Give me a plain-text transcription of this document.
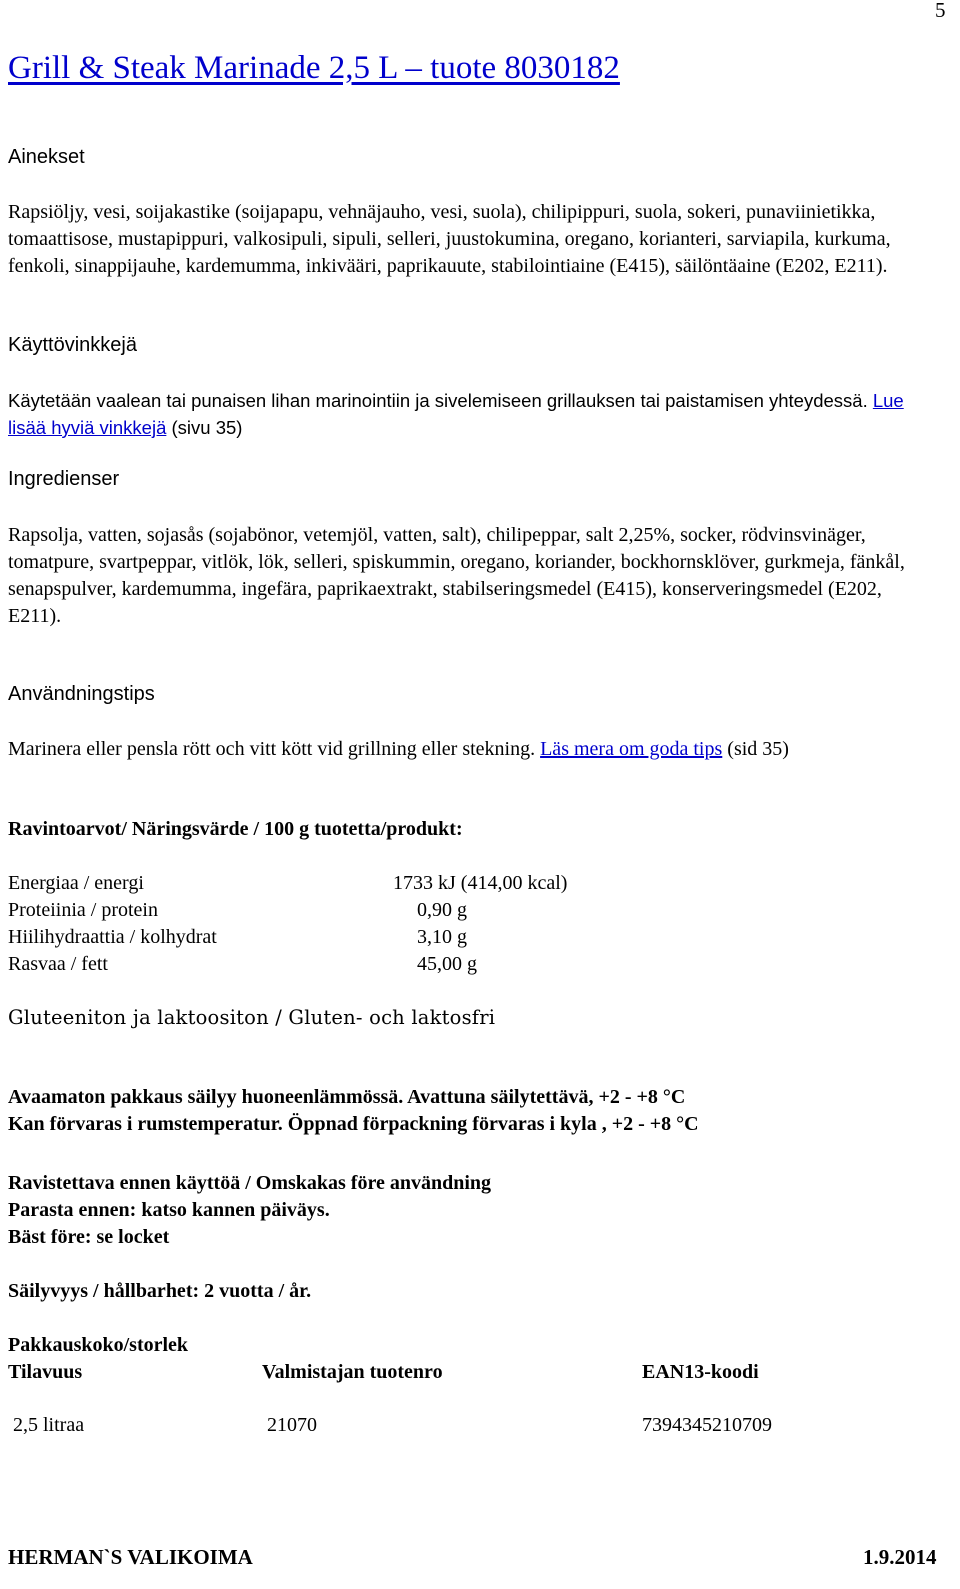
5
Grill & Steak Marinade 2,5 L – tuote 8030182
Ainekset
Rapsiöljy, vesi, soijakastike (soijapapu, vehnäjauho, vesi, suola), chilipippuri, suola, sokeri, punaviinietikka, tomaattisose, mustapippuri, valkosipuli, sipuli, selleri, juustokumina, oregano, korianteri, sarviapila, kurkuma, fenkoli, sinappijauhe, kardemumma, inkivääri, paprikauute, stabilointiaine (E415), säilöntäaine (E202, E211).
Käyttövinkkejä
Käytetään vaalean tai punaisen lihan marinointiin ja sivelemiseen grillauksen tai paistamisen yhteydessä. Lue lisää hyviä vinkkejä (sivu 35)
Ingredienser
Rapsolja, vatten, sojasås (sojabönor, vetemjöl, vatten, salt), chilipeppar, salt 2,25%, socker, rödvinsvinäger, tomatpure, svartpeppar, vitlök, lök, selleri, spiskummin, oregano, koriander, bockhornsklöver, gurkmeja, fänkål, senapspulver, kardemumma, ingefära, paprikaextrakt, stabilseringsmedel (E415), konserveringsmedel (E202, E211).
Användningstips
Marinera eller pensla rött och vitt kött vid grillning eller stekning. Läs mera om goda tips (sid 35)
Ravintoarvot/ Näringsvärde / 100 g tuotetta/produkt:
Energiaa / energi	1733 kJ (414,00 kcal)
Proteiinia / protein	0,90 g
Hiilihydraattia / kolhydrat	3,10 g
Rasvaa / fett	45,00 g
Gluteeniton ja laktoositon / Gluten- och laktosfri
Avaamaton pakkaus säilyy huoneenlämmössä. Avattuna säilytettävä, +2 - +8 °C
Kan förvaras i rumstemperatur. Öppnad förpackning förvaras i kyla , +2 - +8 °C
Ravistettava ennen käyttöä / Omskakas före användning
Parasta ennen: katso kannen päiväys.
Bäst före: se locket
Säilyvyys / hållbarhet: 2 vuotta / år.
Pakkauskoko/storlek
Tilavuus	Valmistajan tuotenro	EAN13-koodi
2,5 litraa	21070	7394345210709
HERMAN`S VALIKOIMA	1.9.2014
